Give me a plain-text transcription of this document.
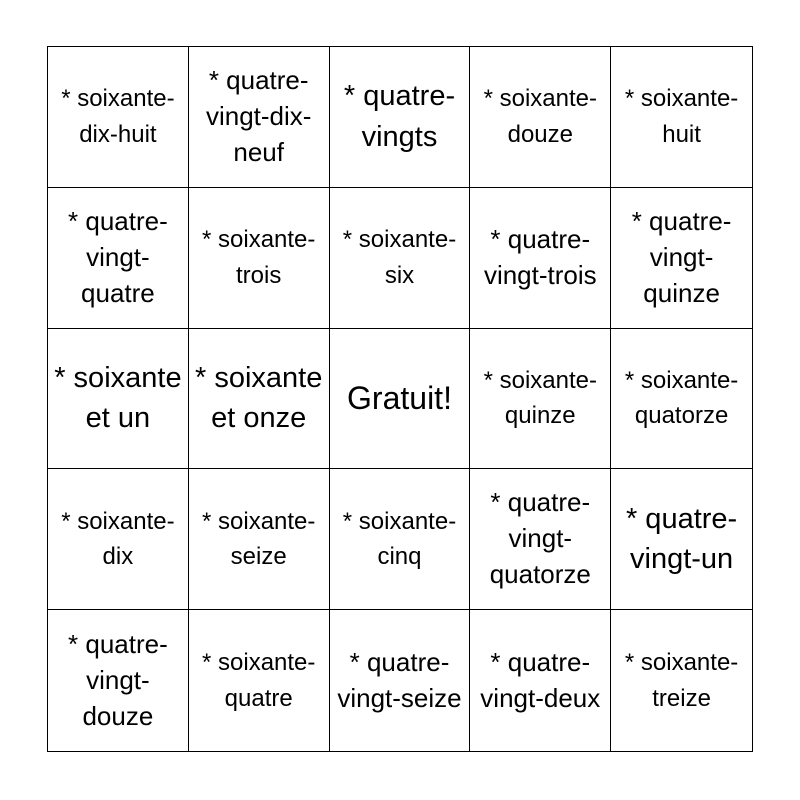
* soixante-dix-huit
* quatre-vingt-dix-neuf
* quatre-vingts
* soixante-douze
* soixante-huit
* quatre-vingt-quatre
* soixante-trois
* soixante-six
* quatre-vingt-trois
* quatre-vingt-quinze
* soixante et un
* soixante et onze
Gratuit!	* soixante-quinze
* soixante-quatorze
* soixante-dix
* soixante-seize
* soixante-cinq
* quatre-vingt-quatorze
* quatre-vingt-un
* quatre-vingt-douze
* soixante-quatre
* quatre-vingt-seize
* quatre-vingt-deux
* soixante-treize
